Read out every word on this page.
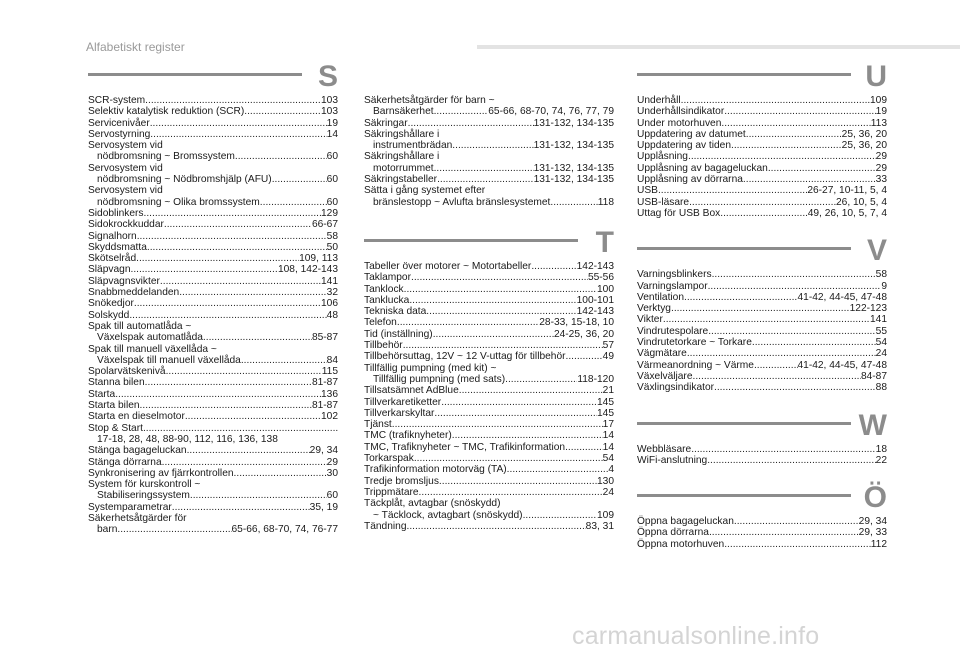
Alfabetiskt register
S
SCR-system .....	103
Selektiv katalytisk reduktion (SCR) .....	103
Servicenivåer .....	19
Servostyrning .....	14
Servosystem vid
nödbromsning ~ Bromssystem .....	60
Servosystem vid
nödbromsning ~ Nödbromshjälp (AFU) .....	60
Servosystem vid
nödbromsning ~ Olika bromssystem .....	60
Sidoblinkers .....	129
Sidokrockkuddar .....	66-67
Signalhorn .....	58
Skyddsmatta .....	50
Skötselråd .....	109, 113
Släpvagn .....	108, 142-143
Släpvagnsvikter .....	141
Snabbmeddelanden .....	32
Snökedjor .....	106
Solskydd .....	48
Spak till automatlåda ~
Växelspak automatlåda .....	85-87
Spak till manuell växellåda ~
Växelspak till manuell växellåda .....	84
Spolarvätskenivå .....	115
Stanna bilen .....	81-87
Starta .....	136
Starta bilen .....	81-87
Starta en dieselmotor .....	102
Stop & Start
.....
17-18, 28, 48, 88-90, 112, 116, 136, 138
Stänga bagageluckan .....	29, 34
Stänga dörrarna .....	29
Synkronisering av fjärrkontrollen .....	30
System för kurskontroll ~
Stabiliseringssystem .....	60
Systemparametrar .....	35, 19
Säkerhetsåtgärder för
barn .....	65-66, 68-70, 74, 76-77
Säkerhetsåtgärder för barn ~
Barnsäkerhet .....	65-66, 68-70, 74, 76, 77, 79
Säkringar .....	131-132, 134-135
Säkringshållare i
instrumentbrädan .....	131-132, 134-135
Säkringshållare i
motorrummet .....	131-132, 134-135
Säkringstabeller .....	131-132, 134-135
Sätta i gång systemet efter
bränslestopp ~ Avlufta bränslesystemet .....	118
T
Tabeller över motorer ~ Motortabeller .....	142-143
Taklampor .....	55-56
Tanklock .....	100
Tanklucka .....	100-101
Tekniska data .....	142-143
Telefon .....	28-33, 15-18, 10
Tid (inställning) .....	24-25, 36, 20
Tillbehör .....	57
Tillbehörsuttag, 12V ~ 12 V-uttag för tillbehör .....	49
Tillfällig pumpning (med kit) ~
Tillfällig pumpning (med sats) .....	118-120
Tillsatsämnet AdBlue .....	21
Tillverkaretiketter .....	145
Tillverkarskyltar .....	145
Tjänst .....	17
TMC (trafiknyheter) .....	14
TMC, Trafiknyheter ~ TMC, Trafikinformation .....	14
Torkarspak .....	54
Trafikinformation motorväg (TA) .....	4
Tredje bromsljus .....	130
Trippmätare .....	24
Täckplåt, avtagbar (snöskydd)
~ Täcklock, avtagbart (snöskydd) .....	109
Tändning .....	83, 31
U
Underhåll .....	109
Underhållsindikator .....	19
Under motorhuven .....	113
Uppdatering av datumet .....	25, 36, 20
Uppdatering av tiden .....	25, 36, 20
Upplåsning .....	29
Upplåsning av bagageluckan .....	29
Upplåsning av dörrarna .....	33
USB .....	26-27, 10-11, 5, 4
USB-läsare .....	26, 10, 5, 4
Uttag för USB Box .....	49, 26, 10, 5, 7, 4
V
Varningsblinkers .....	58
Varningslampor .....	9
Ventilation .....	41-42, 44-45, 47-48
Verktyg .....	122-123
Vikter .....	141
Vindrutespolare .....	55
Vindrutetorkare ~ Torkare .....	54
Vägmätare .....	24
Värmeanordning ~ Värme .....	41-42, 44-45, 47-48
Växelväljare .....	84-87
Växlingsindikator .....	88
W
Webbläsare .....	18
WiFi-anslutning .....	22
Ö
Öppna bagageluckan .....	29, 34
Öppna dörrarna .....	29, 33
Öppna motorhuven .....	112
carmanualsonline.info
